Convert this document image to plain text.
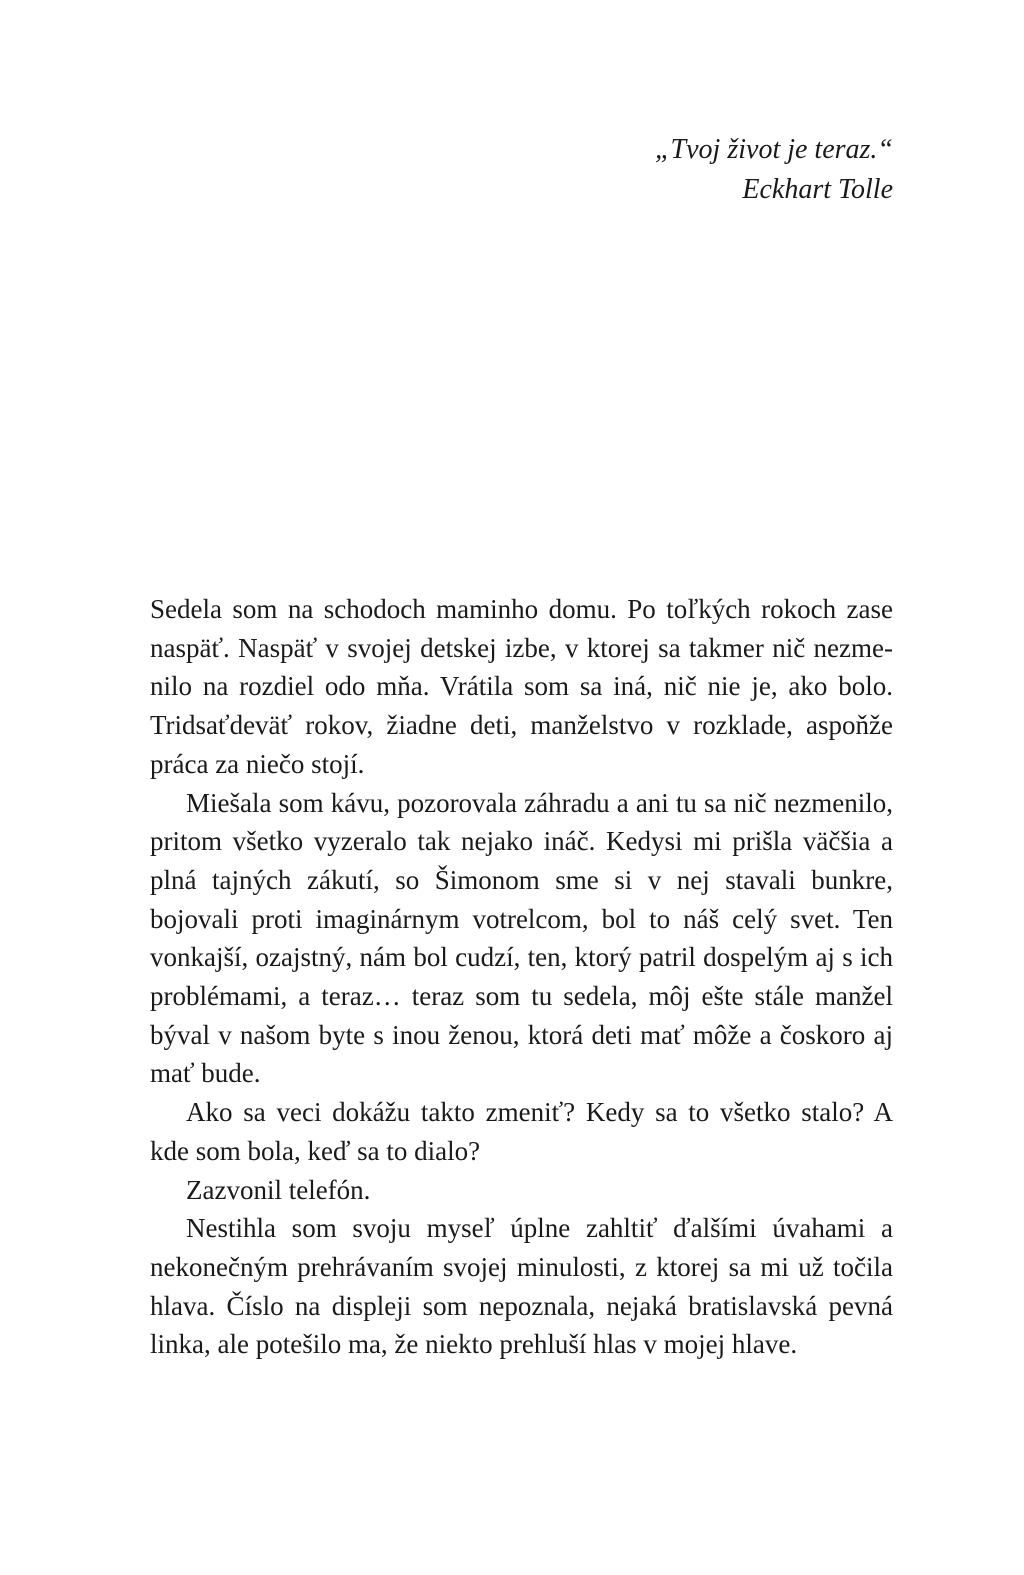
„Tvoj život je teraz.“
Eckhart Tolle

Sedela som na schodoch maminho domu. Po toľkých rokoch zase naspäť. Naspäť v svojej detskej izbe, v ktorej sa takmer nič nezmenilo na rozdiel odo mňa. Vrátila som sa iná, nič nie je, ako bolo. Tridsaťdeväť rokov, žiadne deti, manželstvo v rozklade, aspoňže práca za niečo stojí.

Miešala som kávu, pozorovala záhradu a ani tu sa nič nezmenilo, pritom všetko vyzeralo tak nejako ináč. Kedysi mi prišla väčšia a plná tajných zákutí, so Šimonom sme si v nej stavali bunkre, bojovali proti imaginárnym votrelcom, bol to náš celý svet. Ten vonkajší, ozajstný, nám bol cudzí, ten, ktorý patril dospelým aj s ich problémami, a teraz… teraz som tu sedela, môj ešte stále manžel býval v našom byte s inou ženou, ktorá deti mať môže a čoskoro aj mať bude.

Ako sa veci dokážu takto zmeniť? Kedy sa to všetko stalo? A kde som bola, keď sa to dialo?

Zazvonil telefón.

Nestihla som svoju myseľ úplne zahltiť ďalšími úvahami a nekonečným prehrávaním svojej minulosti, z ktorej sa mi už točila hlava. Číslo na displeji som nepoznala, nejaká bratislavská pevná linka, ale potešilo ma, že niekto prehluší hlas v mojej hlave.
